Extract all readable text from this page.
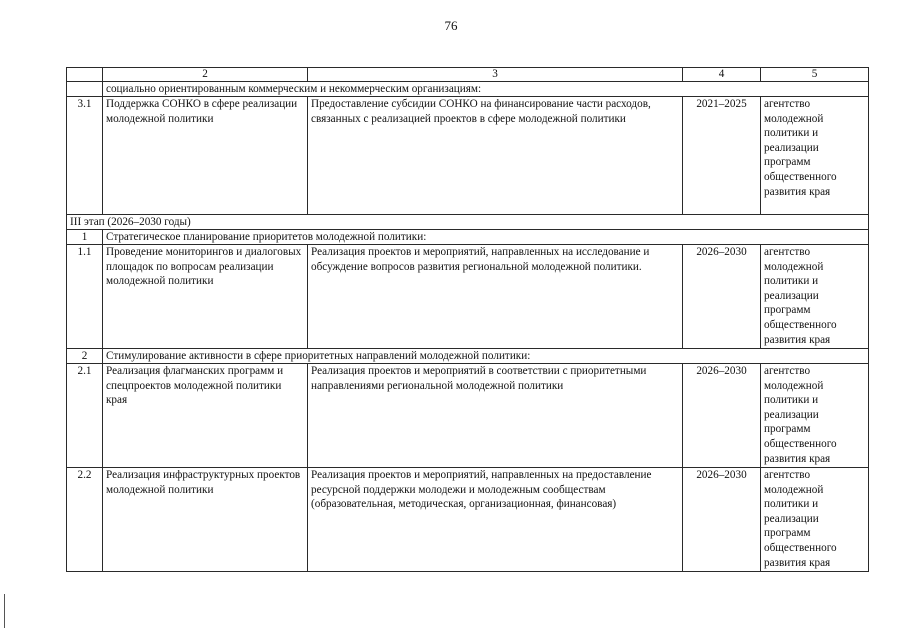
76
	2	3	4	5
	социально ориентированным коммерческим и некоммерческим организациям:			
3.1	Поддержка СОНКО в сфере реализации молодежной политики	Предоставление субсидии СОНКО на финансирование части расходов, связанных с реализацией проектов в сфере молодежной политики	2021–2025	агентство молодежной политики и реализации программ общественного развития края
III этап (2026–2030 годы)				
1	Стратегическое планирование приоритетов молодежной политики:			
1.1	Проведение мониторингов и диалоговых площадок по вопросам реализации молодежной политики	Реализация проектов и мероприятий, направленных на исследование и обсуждение вопросов развития региональной молодежной политики.	2026–2030	агентство молодежной политики и реализации программ общественного развития края
2	Стимулирование активности в сфере приоритетных направлений молодежной политики:			
2.1	Реализация флагманских программ и спецпроектов молодежной политики края	Реализация проектов и мероприятий в соответствии с приоритетными направлениями региональной молодежной политики	2026–2030	агентство молодежной политики и реализации программ общественного развития края
2.2	Реализация инфраструктурных проектов молодежной политики	Реализация проектов и мероприятий, направленных на предоставление ресурсной поддержки молодежи и молодежным сообществам (образовательная, методическая, организационная, финансовая)	2026–2030	агентство молодежной политики и реализации программ общественного развития края
